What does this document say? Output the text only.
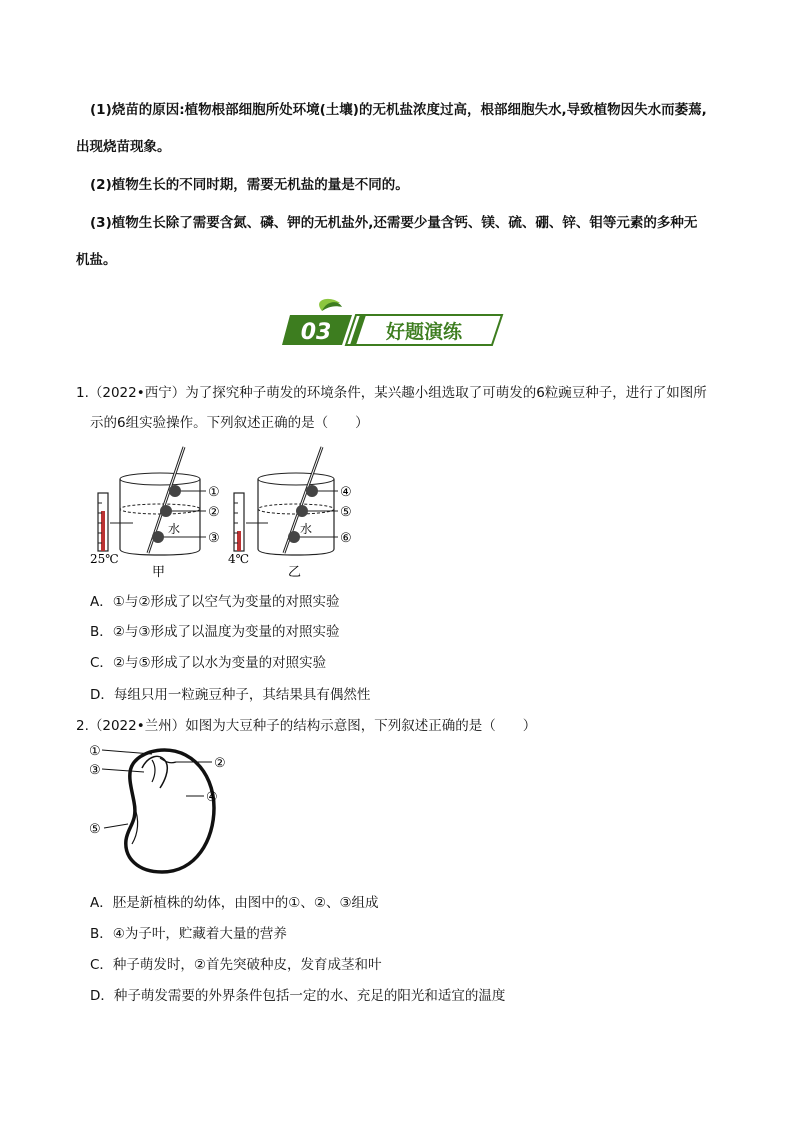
(1)烧苗的原因:植物根部细胞所处环境(土壤)的无机盐浓度过高，根部细胞失水,导致植物因失水而萎蔫,
出现烧苗现象。
(2)植物生长的不同时期，需要无机盐的量是不同的。
(3)植物生长除了需要含氮、磷、钾的无机盐外,还需要少量含钙、镁、硫、硼、锌、钼等元素的多种无
机盐。
03	好题演练
1.（2022•西宁）为了探究种子萌发的环境条件，某兴趣小组选取了可萌发的6粒豌豆种子，进行了如图所
示的6组实验操作。下列叙述正确的是（　　）
25℃
水
①
②
③
甲
4℃
水
④
⑤
⑥
乙
A．①与②形成了以空气为变量的对照实验
B．②与③形成了以温度为变量的对照实验
C．②与⑤形成了以水为变量的对照实验
D．每组只用一粒豌豆种子，其结果具有偶然性
2.（2022•兰州）如图为大豆种子的结构示意图，下列叙述正确的是（　　）
①
③	②
④
⑤
A．胚是新植株的幼体，由图中的①、②、③组成
B．④为子叶，贮藏着大量的营养
C．种子萌发时，②首先突破种皮，发育成茎和叶
D．种子萌发需要的外界条件包括一定的水、充足的阳光和适宜的温度
